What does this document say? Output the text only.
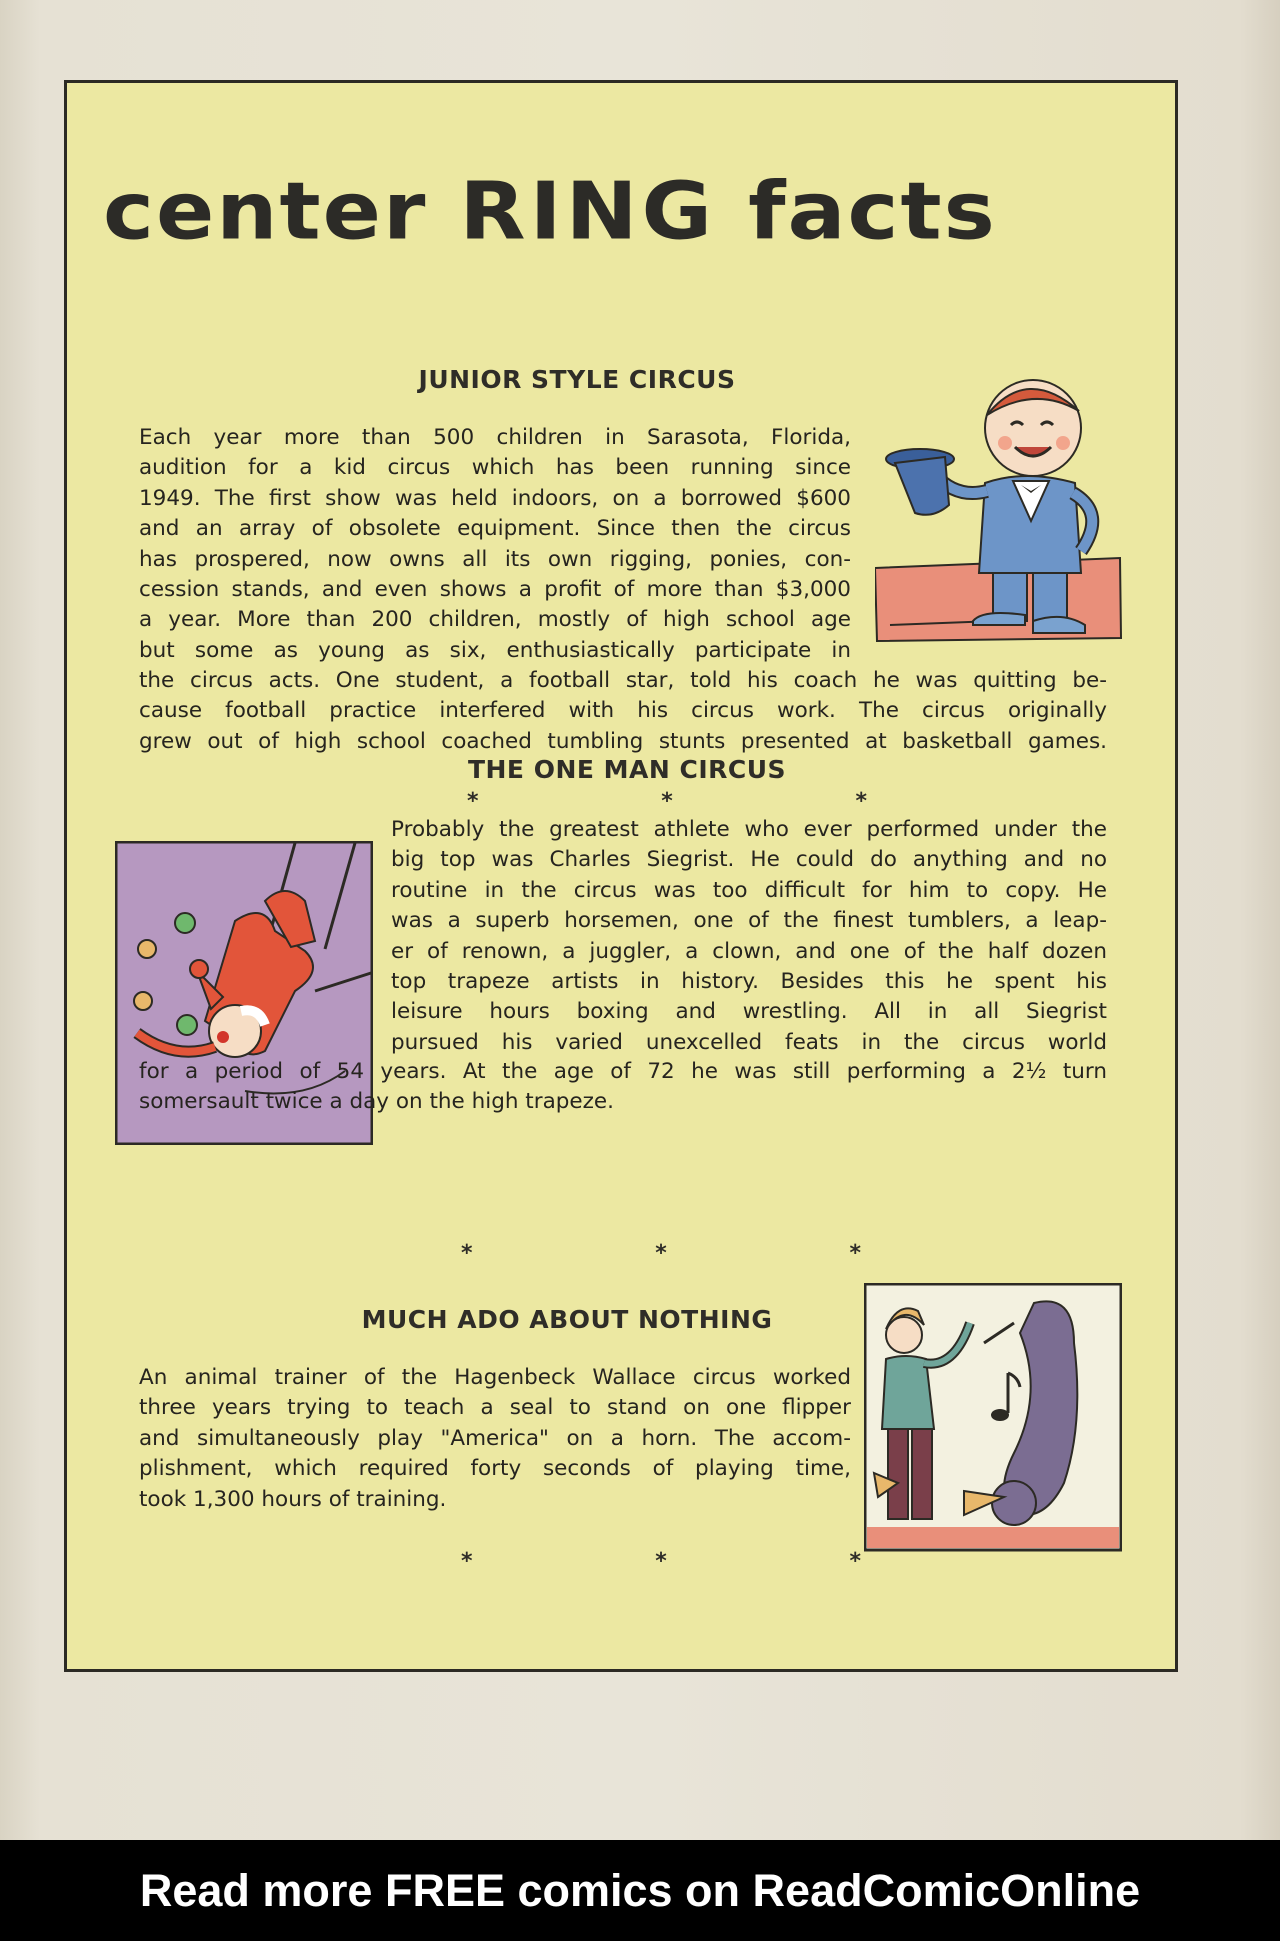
center RING facts
JUNIOR STYLE CIRCUS
Each year more than 500 children in Sarasota, Florida,
audition for a kid circus which has been running since
1949. The first show was held indoors, on a borrowed $600
and an array of obsolete equipment. Since then the circus
has prospered, now owns all its own rigging, ponies, con-
cession stands, and even shows a profit of more than $3,000
a year. More than 200 children, mostly of high school age
but some as young as six, enthusiastically participate in
the circus acts. One student, a football star, told his coach he was quitting be-
cause football practice interfered with his circus work. The circus originally
grew out of high school coached tumbling stunts presented at basketball games.
*	*	*
THE ONE MAN CIRCUS
Probably the greatest athlete who ever performed under the
big top was Charles Siegrist. He could do anything and no
routine in the circus was too difficult for him to copy. He
was a superb horsemen, one of the finest tumblers, a leap-
er of renown, a juggler, a clown, and one of the half dozen
top trapeze artists in history. Besides this he spent his
leisure hours boxing and wrestling. All in all Siegrist
pursued his varied unexcelled feats in the circus world
for a period of 54 years. At the age of 72 he was still performing a 2½ turn
somersault twice a day on the high trapeze.
*	*	*
MUCH ADO ABOUT NOTHING
An animal trainer of the Hagenbeck Wallace circus worked
three years trying to teach a seal to stand on one flipper
and simultaneously play "America" on a horn. The accom-
plishment, which required forty seconds of playing time,
took 1,300 hours of training.
*	*	*

Read more FREE comics on ReadComicOnline
